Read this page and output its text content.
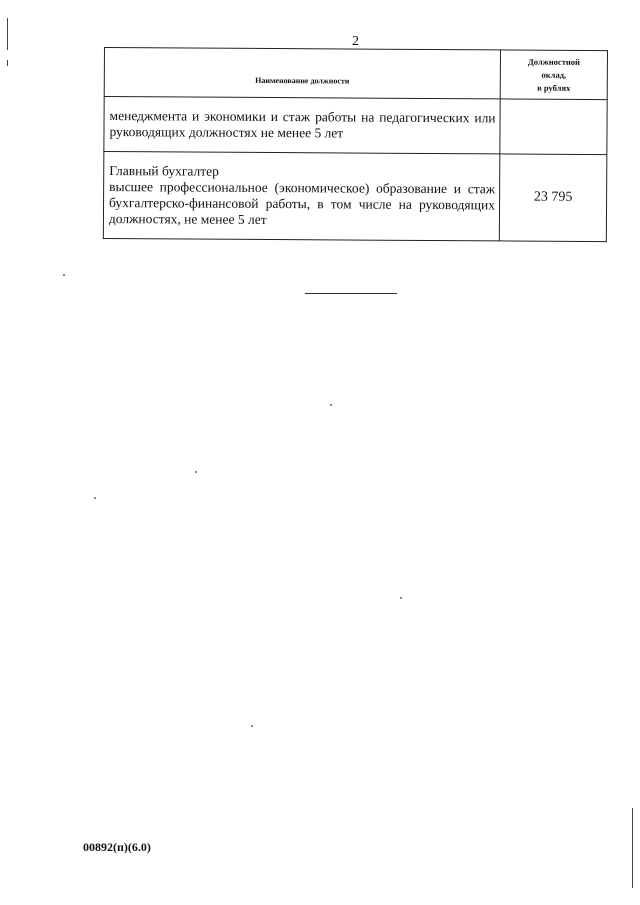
2
Наименование должности	Должностной
оклад,
в рублях

менеджмента и экономики и стаж работы на педагогических или руководящих должностях не менее 5 лет	

Главный бухгалтер
высшее профессиональное (экономическое) образование и стаж бухгалтерско-финансовой работы, в том числе на руководящих должностях, не менее 5 лет	23 795
00892(п)(6.0)
